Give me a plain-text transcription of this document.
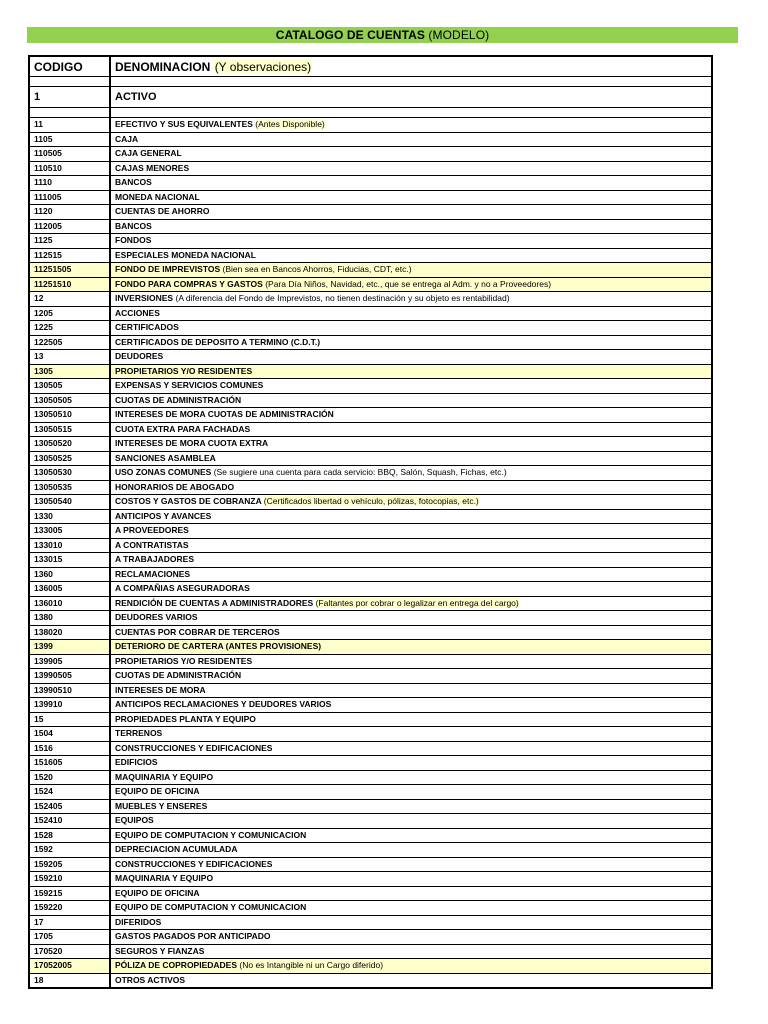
CATALOGO DE CUENTAS (MODELO)
CODIGO	DENOMINACION (Y observaciones)

1	ACTIVO

11	EFECTIVO Y SUS EQUIVALENTES (Antes Disponible)
1105	CAJA
110505	CAJA GENERAL
110510	CAJAS MENORES
1110	BANCOS
111005	MONEDA NACIONAL
1120	CUENTAS DE AHORRO
112005	BANCOS
1125	FONDOS
112515	ESPECIALES MONEDA NACIONAL
11251505	FONDO DE IMPREVISTOS (Bien sea en Bancos Ahorros, Fiducias, CDT, etc.)
11251510	FONDO PARA COMPRAS Y GASTOS (Para Día Niños, Navidad, etc., que se entrega al Adm. y no a Proveedores)
12	INVERSIONES (A diferencia del Fondo de Imprevistos, no tienen destinación y su objeto es rentabilidad)
1205	ACCIONES
1225	CERTIFICADOS
122505	CERTIFICADOS DE DEPOSITO A TERMINO (C.D.T.)
13	DEUDORES
1305	PROPIETARIOS Y/O RESIDENTES
130505	EXPENSAS Y SERVICIOS COMUNES
13050505	CUOTAS DE ADMINISTRACIÓN
13050510	INTERESES DE MORA CUOTAS DE ADMINISTRACIÓN
13050515	CUOTA EXTRA PARA FACHADAS
13050520	INTERESES DE MORA CUOTA EXTRA
13050525	SANCIONES ASAMBLEA
13050530	USO ZONAS COMUNES (Se sugiere una cuenta para cada servicio: BBQ, Salón, Squash, Fichas, etc.)
13050535	HONORARIOS DE ABOGADO
13050540	COSTOS Y GASTOS DE COBRANZA (Certificados libertad o vehículo, pólizas, fotocopias, etc.)
1330	ANTICIPOS Y AVANCES
133005	A PROVEEDORES
133010	A CONTRATISTAS
133015	A TRABAJADORES
1360	RECLAMACIONES
136005	A COMPAÑIAS ASEGURADORAS
136010	RENDICIÓN DE CUENTAS A ADMINISTRADORES (Faltantes por cobrar o legalizar en entrega del cargo)
1380	DEUDORES VARIOS
138020	CUENTAS POR COBRAR DE TERCEROS
1399	DETERIORO DE CARTERA (ANTES PROVISIONES)
139905	PROPIETARIOS Y/O RESIDENTES
13990505	CUOTAS DE ADMINISTRACIÓN
13990510	INTERESES DE MORA
139910	ANTICIPOS RECLAMACIONES Y DEUDORES VARIOS
15	PROPIEDADES PLANTA Y EQUIPO
1504	TERRENOS
1516	CONSTRUCCIONES Y EDIFICACIONES
151605	EDIFICIOS
1520	MAQUINARIA Y EQUIPO
1524	EQUIPO DE OFICINA
152405	MUEBLES Y ENSERES
152410	EQUIPOS
1528	EQUIPO DE COMPUTACION Y COMUNICACION
1592	DEPRECIACION ACUMULADA
159205	CONSTRUCCIONES Y EDIFICACIONES
159210	MAQUINARIA Y EQUIPO
159215	EQUIPO DE OFICINA
159220	EQUIPO DE COMPUTACION Y COMUNICACION
17	DIFERIDOS
1705	GASTOS PAGADOS POR ANTICIPADO
170520	SEGUROS Y FIANZAS
17052005	PÓLIZA DE COPROPIEDADES (No es Intangible ni un Cargo diferido)
18	OTROS ACTIVOS
